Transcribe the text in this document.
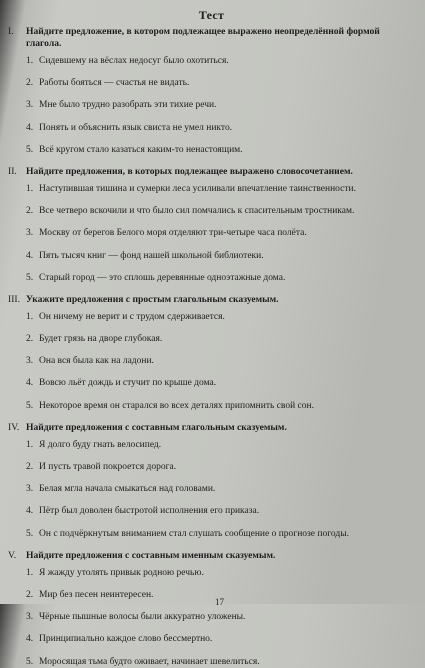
Тест
I.	Найдите предложение, в котором подлежащее выражено неопределённой формой глагола.
1. Сидевшему на вёслах недосуг было охотиться.
2. Работы бояться — счастья не видать.
3. Мне было трудно разобрать эти тихие речи.
4. Понять и объяснить язык свиста не умел никто.
5. Всё кругом стало казаться каким-то ненастоящим.
II. Найдите предложения, в которых подлежащее выражено словосочетанием.
1. Наступившая тишина и сумерки леса усиливали впечатление таинственности.
2. Все четверо вскочили и что было сил помчались к спасительным тростникам.
3. Москву от берегов Белого моря отделяют три-четыре часа полёта.
4. Пять тысяч книг — фонд нашей школьной библиотеки.
5. Старый город — это сплошь деревянные одноэтажные дома.
III. Укажите предложения с простым глагольным сказуемым.
1. Он ничему не верит и с трудом сдерживается.
2. Будет грязь на дворе глубокая.
3. Она вся была как на ладони.
4. Вовсю льёт дождь и стучит по крыше дома.
5. Некоторое время он старался во всех деталях припомнить свой сон.
IV. Найдите предложения с составным глагольным сказуемым.
1. Я долго буду гнать велосипед.
2. И пусть травой покроется дорога.
3. Белая мгла начала смыкаться над головами.
4. Пётр был доволен быстротой исполнения его приказа.
5. Он с подчёркнутым вниманием стал слушать сообщение о прогнозе погоды.
V.	Найдите предложения с составным именным сказуемым.
1. Я жажду утолять привык родною речью.
2. Мир без песен неинтересен.
3. Чёрные пышные волосы были аккуратно уложены.
4. Принципиально каждое слово бессмертно.
5. Моросящая тьма будто оживает, начинает шевелиться.
17
